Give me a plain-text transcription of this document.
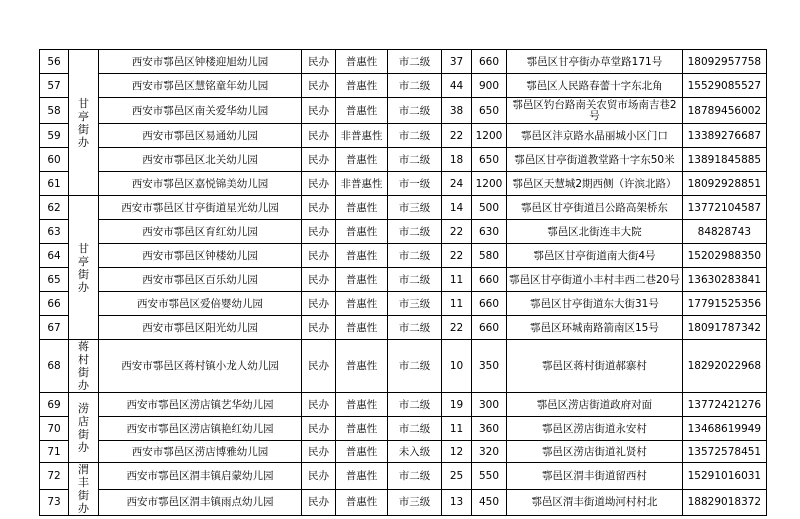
56	甘亭街办	西安市鄠邑区钟楼迎旭幼儿园	民办	普惠性	市二级	37	660	鄠邑区甘亭街办草堂路171号	18092957758
57		西安市鄠邑区慧铭童年幼儿园	民办	普惠性	市二级	44	900	鄠邑区人民路春蕾十字东北角	15529085527
58		西安市鄠邑区南关爱华幼儿园	民办	普惠性	市二级	38	650	鄠邑区钓台路南关农贸市场南吉巷2号	18789456002
59		西安市鄠邑区易通幼儿园	民办	非普惠性	市二级	22	1200	鄠邑区沣京路水晶丽城小区门口	13389276687
60		西安市鄠邑区北关幼儿园	民办	普惠性	市二级	18	650	鄠邑区甘亭街道教堂路十字东50米	13891845885
61		西安市鄠邑区嘉悦锦美幼儿园	民办	非普惠性	市一级	24	1200	鄠邑区天慧城2期西侧（许滨北路）	18092928851
62	甘亭街办	西安市鄠邑区甘亭街道星光幼儿园	民办	普惠性	市三级	14	500	鄠邑区甘亭街道吕公路高架桥东	13772104587
63		西安市鄠邑区育红幼儿园	民办	普惠性	市二级	22	630	鄠邑区北街连丰大院	84828743
64		西安市鄠邑区钟楼幼儿园	民办	普惠性	市二级	22	580	鄠邑区甘亭街道南大街4号	15202988350
65		西安市鄠邑区百乐幼儿园	民办	普惠性	市二级	11	660	鄠邑区甘亭街道小丰村丰西二巷20号	13630283841
66		西安市鄠邑区爱倍婴幼儿园	民办	普惠性	市三级	11	660	鄠邑区甘亭街道东大街31号	17791525356
67		西安市鄠邑区阳光幼儿园	民办	普惠性	市二级	22	660	鄠邑区环城南路箭南区15号	18091787342
68	蒋村街办	西安市鄠邑区蒋村镇小龙人幼儿园	民办	普惠性	市二级	10	350	鄠邑区蒋村街道郝寨村	18292022968
69	涝店街办	西安市鄠邑区涝店镇艺华幼儿园	民办	普惠性	市二级	19	300	鄠邑区涝店街道政府对面	13772421276
70		西安市鄠邑区涝店镇艳红幼儿园	民办	普惠性	市二级	11	360	鄠邑区涝店街道永安村	13468619949
71		西安市鄠邑区涝店博雅幼儿园	民办	普惠性	未入级	12	320	鄠邑区涝店街道礼贤村	13572578451
72	渭丰街办	西安市鄠邑区渭丰镇启蒙幼儿园	民办	普惠性	市二级	25	550	鄠邑区渭丰街道留西村	15291016031
73		西安市鄠邑区渭丰镇雨点幼儿园	民办	普惠性	市三级	13	450	鄠邑区渭丰街道坳河村村北	18829018372
